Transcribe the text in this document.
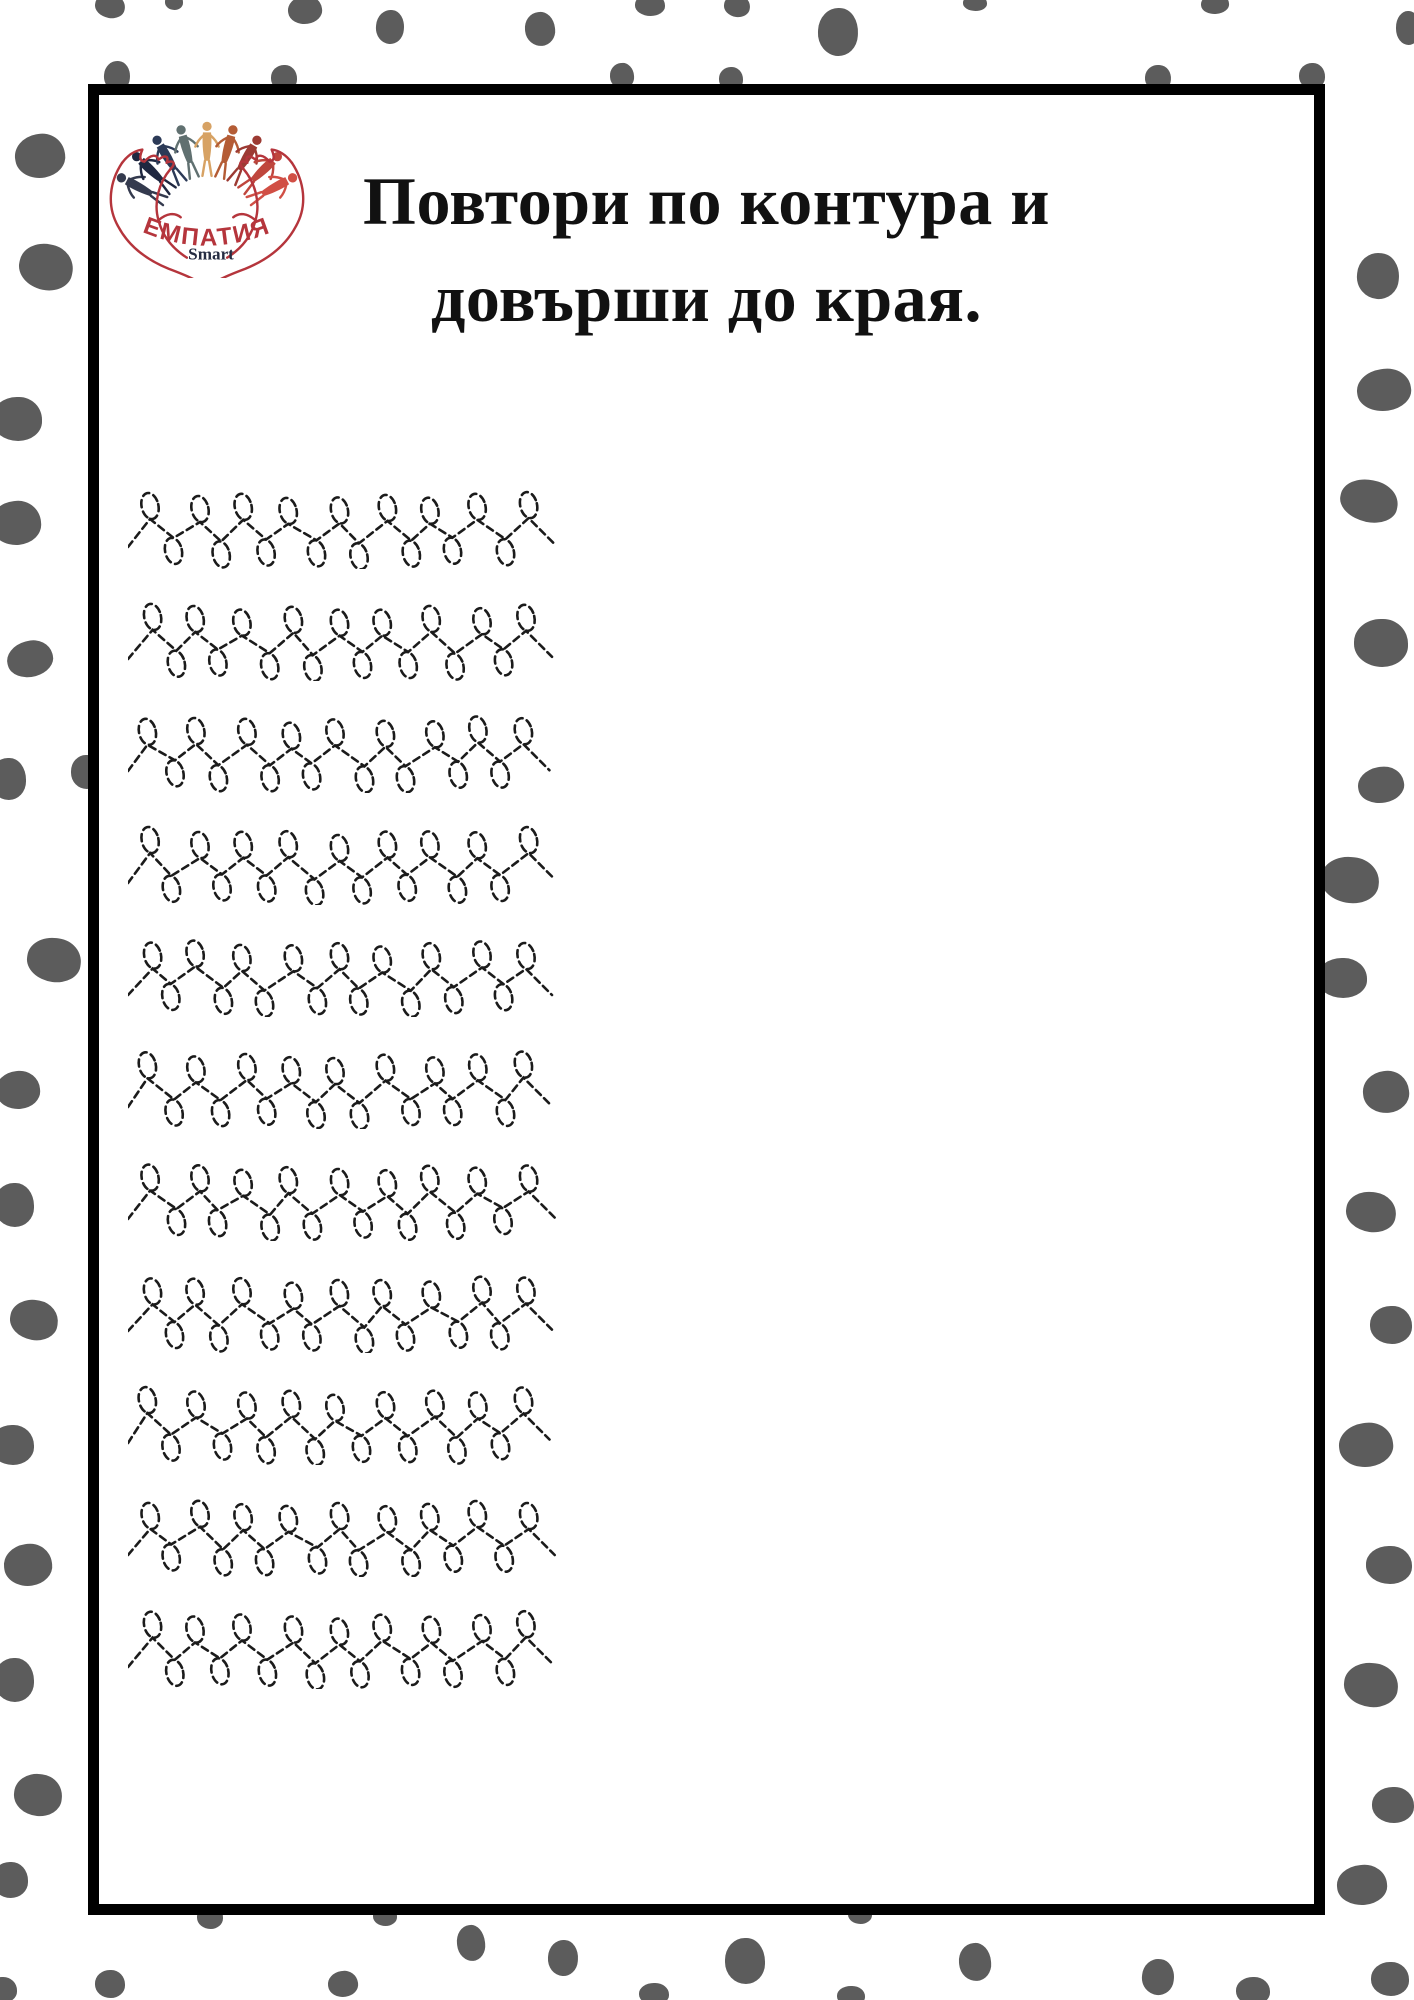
ЕМПАТИЯ
Smart
Повтори по контура и
довърши до края.
